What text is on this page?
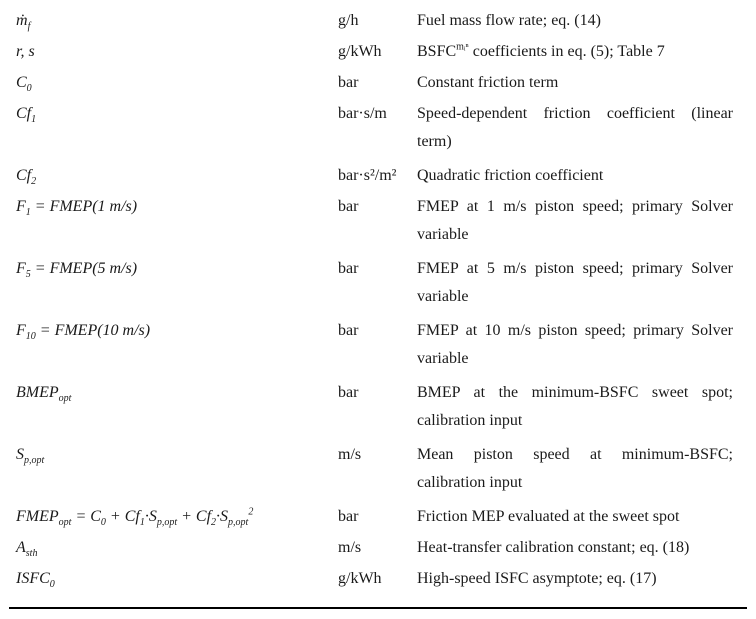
ṁ$_f$	g/h	Fuel mass flow rate; eq. (14)
r, s	g/kWh	$BSFC^{mᵢ^n}$ coefficients in eq. (5); Table 7
$C_0$	bar	Constant friction term
$Cf_1$	bar·s/m	Speed-dependent friction coefficient (linear term)
$Cf_2$	bar·s²/m²	Quadratic friction coefficient
$F_1$ = FMEP(1 m/s)	bar	FMEP at 1 m/s piston speed; primary Solver variable
$F_5$ = FMEP(5 m/s)	bar	FMEP at 5 m/s piston speed; primary Solver variable
$F_{10}$ = FMEP(10 m/s)	bar	FMEP at 10 m/s piston speed; primary Solver variable
$BMEP_{opt}$	bar	BMEP at the minimum-BSFC sweet spot; calibration input
$S_{p,opt}$	m/s	Mean piston speed at minimum-BSFC; calibration input
$FMEP_{opt} = C_0 + Cf_1\cdot S_{p,opt} + Cf_2\cdot S_{p,opt}^2$	bar	Friction MEP evaluated at the sweet spot
$A_{sth}$	m/s	Heat-transfer calibration constant; eq. (18)
$ISFC_0$	g/kWh	High-speed ISFC asymptote; eq. (17)
